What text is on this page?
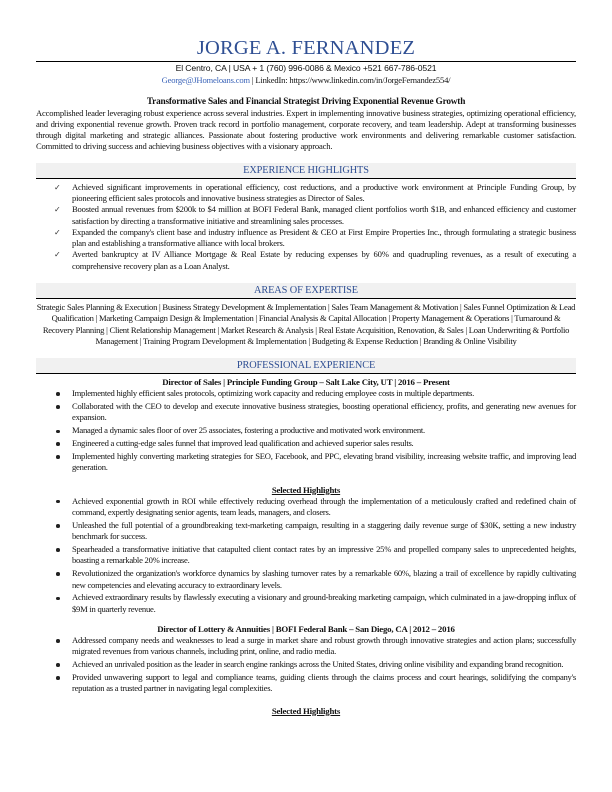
JORGE A. FERNANDEZ
El Centro, CA | USA + 1 (760) 996-0086 & Mexico +521 667-786-0521
George@JHomeloans.com | LinkedIn: https://www.linkedin.com/in/JorgeFernandez554/
Transformative Sales and Financial Strategist Driving Exponential Revenue Growth
Accomplished leader leveraging robust experience across several industries. Expert in implementing innovative business strategies, optimizing operational efficiency, and driving exponential revenue growth. Proven track record in portfolio management, corporate recovery, and team leadership. Adept at transforming businesses through digital marketing and strategic alliances. Passionate about fostering productive work environments and delivering remarkable customer satisfaction. Committed to driving success and achieving business objectives with a visionary approach.
EXPERIENCE HIGHLIGHTS
✓ Achieved significant improvements in operational efficiency, cost reductions, and a productive work environment at Principle Funding Group, by pioneering efficient sales protocols and innovative business strategies as Director of Sales.
✓ Boosted annual revenues from $200k to $4 million at BOFI Federal Bank, managed client portfolios worth $1B, and enhanced efficiency and customer satisfaction by directing a transformative initiative and streamlining sales processes.
✓ Expanded the company's client base and industry influence as President & CEO at First Empire Properties Inc., through formulating a strategic business plan and establishing a transformative alliance with local brokers.
✓ Averted bankruptcy at IV Alliance Mortgage & Real Estate by reducing expenses by 60% and quadrupling revenues, as a result of executing a comprehensive recovery plan as a Loan Analyst.
AREAS OF EXPERTISE
Strategic Sales Planning & Execution | Business Strategy Development & Implementation | Sales Team Management & Motivation | Sales Funnel Optimization & Lead Qualification | Marketing Campaign Design & Implementation | Financial Analysis & Capital Allocation | Property Management & Operations | Turnaround & Recovery Planning | Client Relationship Management | Market Research & Analysis | Real Estate Acquisition, Renovation, & Sales | Loan Underwriting & Portfolio Management | Training Program Development & Implementation | Budgeting & Expense Reduction | Branding & Online Visibility
PROFESSIONAL EXPERIENCE
Director of Sales | Principle Funding Group – Salt Lake City, UT | 2016 – Present
Implemented highly efficient sales protocols, optimizing work capacity and reducing employee costs in multiple departments.
Collaborated with the CEO to develop and execute innovative business strategies, boosting operational efficiency, profits, and generating new avenues for expansion.
Managed a dynamic sales floor of over 25 associates, fostering a productive and motivated work environment.
Engineered a cutting-edge sales funnel that improved lead qualification and achieved superior sales results.
Implemented highly converting marketing strategies for SEO, Facebook, and PPC, elevating brand visibility, increasing website traffic, and improving lead generation.
Selected Highlights
Achieved exponential growth in ROI while effectively reducing overhead through the implementation of a meticulously crafted and redefined chain of command, expertly designating senior agents, team leads, managers, and closers.
Unleashed the full potential of a groundbreaking text-marketing campaign, resulting in a staggering daily revenue surge of $30K, setting a new industry benchmark for success.
Spearheaded a transformative initiative that catapulted client contact rates by an impressive 25% and propelled company sales to unprecedented heights, boasting a remarkable 20% increase.
Revolutionized the organization's workforce dynamics by slashing turnover rates by a remarkable 60%, blazing a trail of excellence by rapidly cultivating new competencies and elevating accuracy to extraordinary levels.
Achieved extraordinary results by flawlessly executing a visionary and ground-breaking marketing campaign, which culminated in a jaw-dropping influx of $9M in quarterly revenue.
Director of Lottery & Annuities | BOFI Federal Bank – San Diego, CA | 2012 – 2016
Addressed company needs and weaknesses to lead a surge in market share and robust growth through innovative strategies and action plans; successfully migrated revenues from various channels, including print, online, and radio media.
Achieved an unrivaled position as the leader in search engine rankings across the United States, driving online visibility and expanding brand recognition.
Provided unwavering support to legal and compliance teams, guiding clients through the claims process and court hearings, solidifying the company's reputation as a trusted partner in navigating legal complexities.
Selected Highlights
